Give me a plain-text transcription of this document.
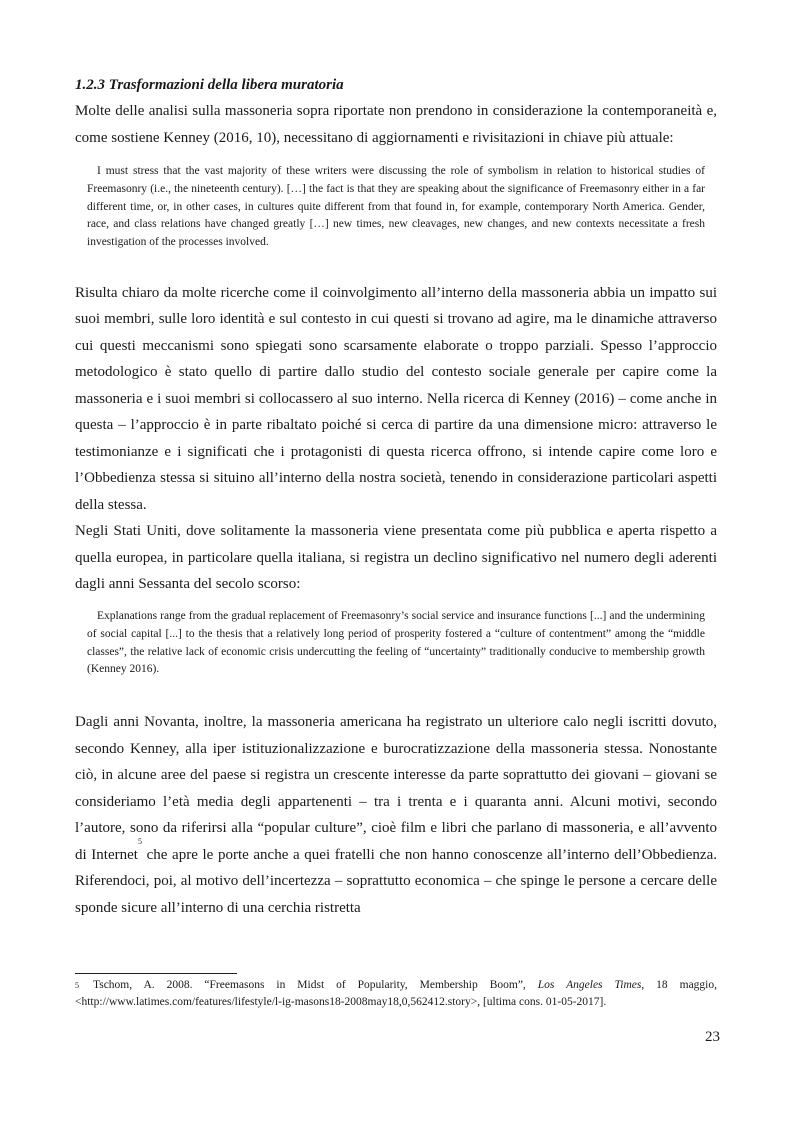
1.2.3 Trasformazioni della libera muratoria

Molte delle analisi sulla massoneria sopra riportate non prendono in considerazione la contemporaneità e, come sostiene Kenney (2016, 10), necessitano di aggiornamenti e rivisitazioni in chiave più attuale:

I must stress that the vast majority of these writers were discussing the role of symbolism in relation to historical studies of Freemasonry (i.e., the nineteenth century). […] the fact is that they are speaking about the significance of Freemasonry either in a far different time, or, in other cases, in cultures quite different from that found in, for example, contemporary North America. Gender, race, and class relations have changed greatly […] new times, new cleavages, new changes, and new contexts necessitate a fresh investigation of the processes involved.

Risulta chiaro da molte ricerche come il coinvolgimento all’interno della massoneria abbia un impatto sui suoi membri, sulle loro identità e sul contesto in cui questi si trovano ad agire, ma le dinamiche attraverso cui questi meccanismi sono spiegati sono scarsamente elaborate o troppo parziali. Spesso l’approccio metodologico è stato quello di partire dallo studio del contesto sociale generale per capire come la massoneria e i suoi membri si collocassero al suo interno. Nella ricerca di Kenney (2016) – come anche in questa – l’approccio è in parte ribaltato poiché si cerca di partire da una dimensione micro: attraverso le testimonianze e i significati che i protagonisti di questa ricerca offrono, si intende capire come loro e l’Obbedienza stessa si situino all’interno della nostra società, tenendo in considerazione particolari aspetti della stessa.

Negli Stati Uniti, dove solitamente la massoneria viene presentata come più pubblica e aperta rispetto a quella europea, in particolare quella italiana, si registra un declino significativo nel numero degli aderenti dagli anni Sessanta del secolo scorso:

Explanations range from the gradual replacement of Freemasonry’s social service and insurance functions [...] and the undermining of social capital [...] to the thesis that a relatively long period of prosperity fostered a “culture of contentment” among the “middle classes”, the relative lack of economic crisis undercutting the feeling of “uncertainty” traditionally conducive to membership growth (Kenney 2016).

Dagli anni Novanta, inoltre, la massoneria americana ha registrato un ulteriore calo negli iscritti dovuto, secondo Kenney, alla iper istituzionalizzazione e burocratizzazione della massoneria stessa. Nonostante ciò, in alcune aree del paese si registra un crescente interesse da parte soprattutto dei giovani – giovani se consideriamo l’età media degli appartenenti – tra i trenta e i quaranta anni. Alcuni motivi, secondo l’autore, sono da riferirsi alla “popular culture”, cioè film e libri che parlano di massoneria, e all’avvento di Internet$^5$ che apre le porte anche a quei fratelli che non hanno conoscenze all’interno dell’Obbedienza. Riferendoci, poi, al motivo dell’incertezza – soprattutto economica – che spinge le persone a cercare delle sponde sicure all’interno di una cerchia ristretta

$^5$ Tschom, A. 2008. “Freemasons in Midst of Popularity, Membership Boom”, Los Angeles Times, 18 maggio, <http://www.latimes.com/features/lifestyle/l-ig-masons18-2008may18,0,562412.story>, [ultima cons. 01-05-2017].
23
